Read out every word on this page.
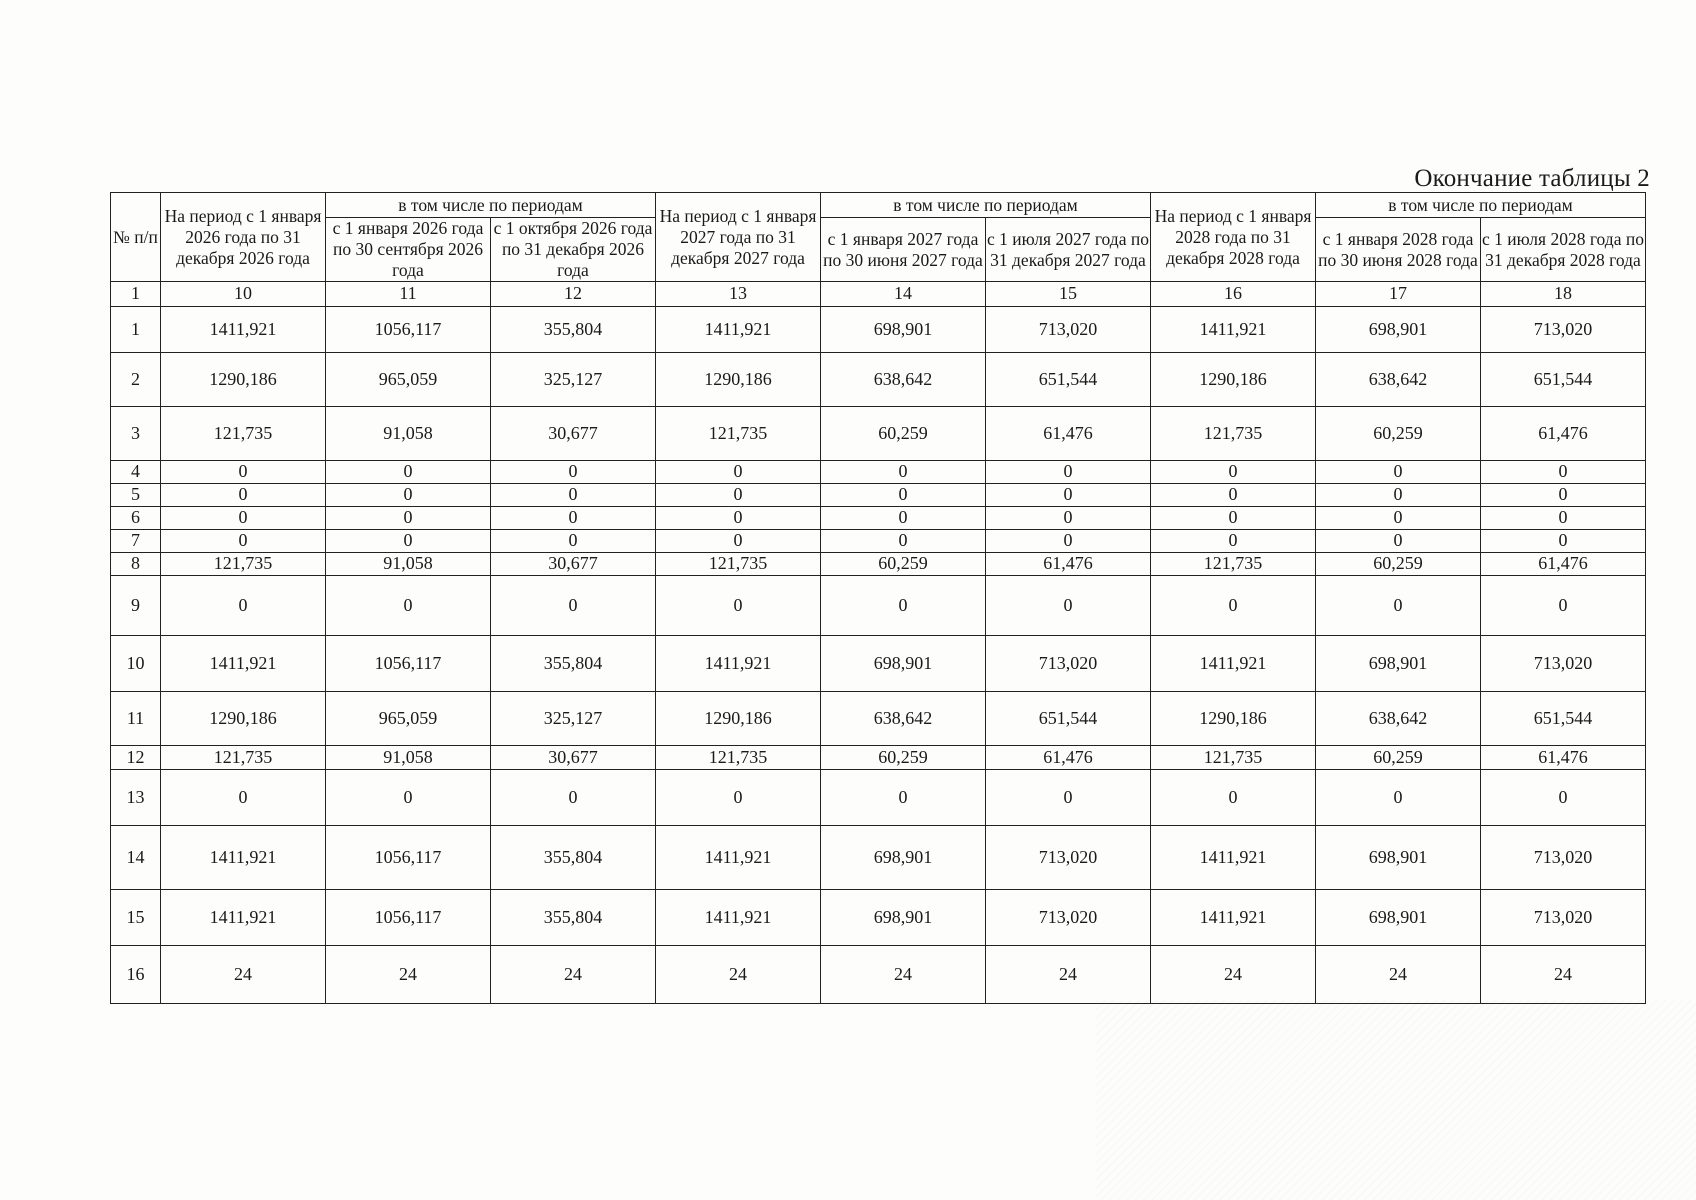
Окончание таблицы 2
№ п/п	На период с 1 января 2026 года по 31 декабря 2026 года	в том числе по периодам		На период с 1 января 2027 года по 31 декабря 2027 года	в том числе по периодам		На период с 1 января 2028 года по 31 декабря 2028 года	в том числе по периодам	
		с 1 января 2026 года по 30 сентября 2026 года	с 1 октября 2026 года по 31 декабря 2026 года		с 1 января 2027 года по 30 июня 2027 года	с 1 июля 2027 года по 31 декабря 2027 года		с 1 января 2028 года по 30 июня 2028 года	с 1 июля 2028 года по 31 декабря 2028 года
1	10	11	12	13	14	15	16	17	18
1	1411,921	1056,117	355,804	1411,921	698,901	713,020	1411,921	698,901	713,020
2	1290,186	965,059	325,127	1290,186	638,642	651,544	1290,186	638,642	651,544
3	121,735	91,058	30,677	121,735	60,259	61,476	121,735	60,259	61,476
4	0	0	0	0	0	0	0	0	0
5	0	0	0	0	0	0	0	0	0
6	0	0	0	0	0	0	0	0	0
7	0	0	0	0	0	0	0	0	0
8	121,735	91,058	30,677	121,735	60,259	61,476	121,735	60,259	61,476
9	0	0	0	0	0	0	0	0	0
10	1411,921	1056,117	355,804	1411,921	698,901	713,020	1411,921	698,901	713,020
11	1290,186	965,059	325,127	1290,186	638,642	651,544	1290,186	638,642	651,544
12	121,735	91,058	30,677	121,735	60,259	61,476	121,735	60,259	61,476
13	0	0	0	0	0	0	0	0	0
14	1411,921	1056,117	355,804	1411,921	698,901	713,020	1411,921	698,901	713,020
15	1411,921	1056,117	355,804	1411,921	698,901	713,020	1411,921	698,901	713,020
16	24	24	24	24	24	24	24	24	24
